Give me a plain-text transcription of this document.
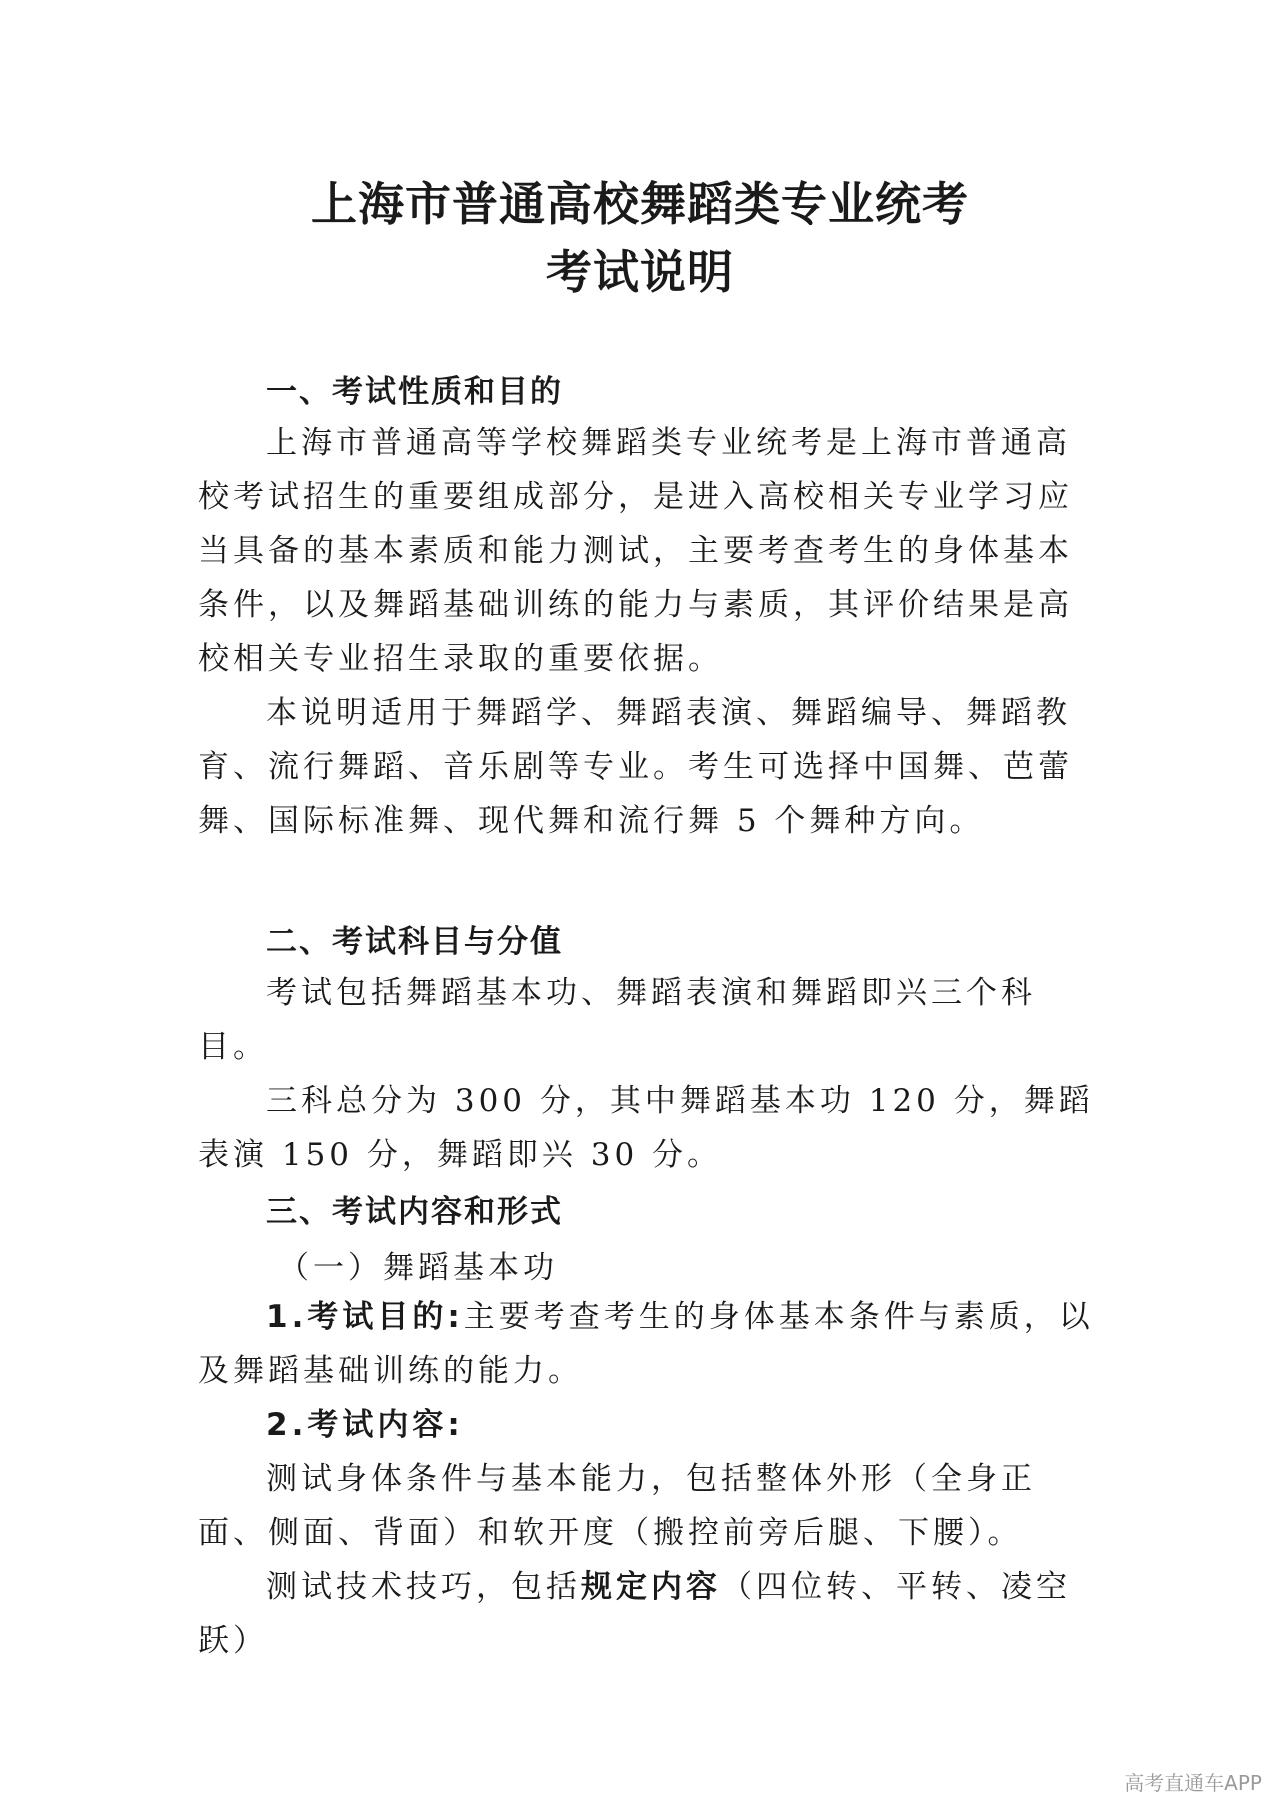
上海市普通高校舞蹈类专业统考
考试说明
一、考试性质和目的

上海市普通高等学校舞蹈类专业统考是上海市普通高校考试招生的重要组成部分，是进入高校相关专业学习应当具备的基本素质和能力测试，主要考查考生的身体基本条件，以及舞蹈基础训练的能力与素质，其评价结果是高校相关专业招生录取的重要依据。

本说明适用于舞蹈学、舞蹈表演、舞蹈编导、舞蹈教育、流行舞蹈、音乐剧等专业。考生可选择中国舞、芭蕾舞、国际标准舞、现代舞和流行舞 5 个舞种方向。

二、考试科目与分值

考试包括舞蹈基本功、舞蹈表演和舞蹈即兴三个科目。

三科总分为 300 分，其中舞蹈基本功 120 分，舞蹈表演 150 分，舞蹈即兴 30 分。

三、考试内容和形式
（一）舞蹈基本功

1.考试目的:主要考查考生的身体基本条件与素质，以及舞蹈基础训练的能力。

2.考试内容:

测试身体条件与基本能力，包括整体外形（全身正面、侧面、背面）和软开度（搬控前旁后腿、下腰）。

测试技术技巧，包括规定内容（四位转、平转、凌空跃）

高考直通车APP
